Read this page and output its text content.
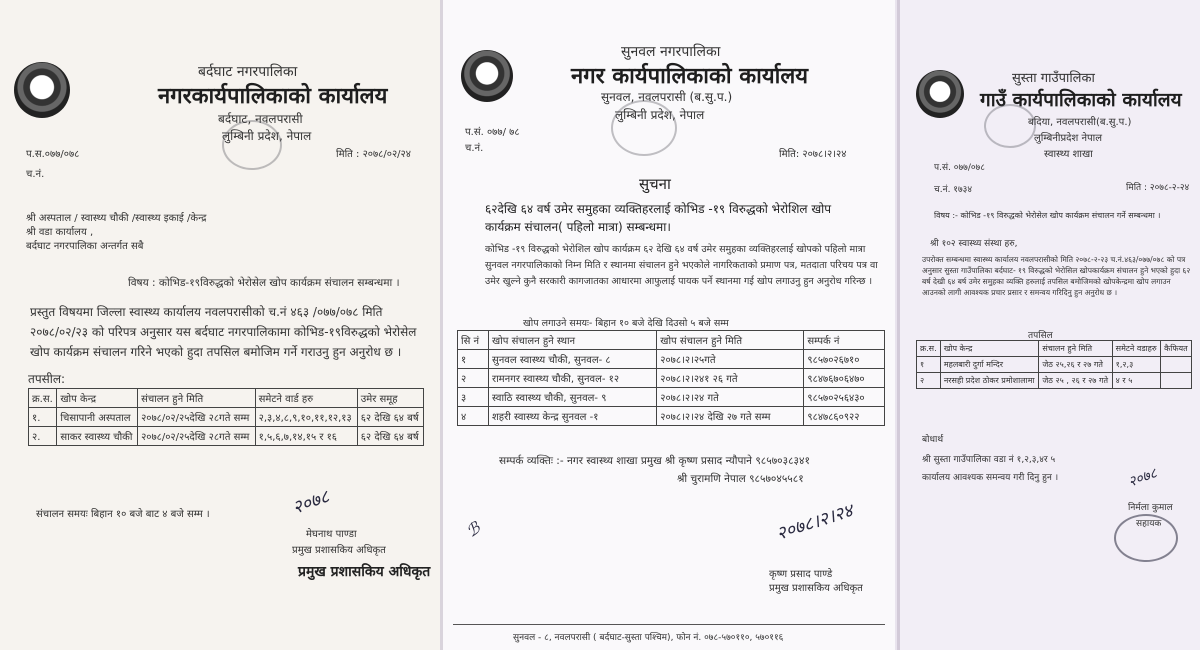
बर्दघाट नगरपालिका
नगरकार्यपालिकाको कार्यालय
बर्दघाट, नवलपरासी
लुम्बिनी प्रदेश, नेपाल
प.स.०७७/०७८
च.नं.
मिति : २०७८/०२/२४
श्री अस्पताल / स्वास्थ्य चौकी /स्वास्थ्य इकाई /केन्द्र
श्री वडा कार्यालय ,
बर्दघाट नगरपालिका अन्तर्गत सबै
विषय : कोभिड-१९विरुद्धको भेरोसेल खोप कार्यक्रम संचालन सम्बन्धमा ।
प्रस्तुत विषयमा जिल्ला स्वास्थ्य कार्यालय नवलपरासीको च.नं ४६३ /०७७/०७८ मिति २०७८/०२/२३ को परिपत्र अनुसार यस बर्दघाट नगरपालिकामा कोभिड-१९विरुद्धको भेरोसेल खोप कार्यक्रम संचालन गरिने भएको हुदा तपसिल बमोजिम गर्ने गराउनु हुन अनुरोध छ ।
तपसील:
क्र.स.	खोप केन्द्र	संचालन हुने मिति	समेटने वार्ड हरु	उमेर समूह
१.	चिसापानी अस्पताल	२०७८/०२/२५देखि २८गते सम्म	२,३,४,८,९,१०,११,१२,१३	६२ देखि ६४ बर्ष
२.	साकर स्वास्थ्य चौकी	२०७८/०२/२५देखि २८गते सम्म	१,५,६,७,१४,१५ र १६	६२ देखि ६४ बर्ष
संचालन समयः बिहान १० बजे बाट ४ बजे सम्म ।	२०७८
मेघनाथ पाण्डा
प्रमुख प्रशासकिय अधिकृत
प्रमुख प्रशासकिय अधिकृत
सुनवल नगरपालिका
नगर कार्यपालिकाको कार्यालय
सुनवल, नवलपरासी (ब.सु.प.)
लुम्बिनी प्रदेश, नेपाल
प.सं. ०७७/ ७८
च.नं.
मिति: २०७८।२।२४
सुचना
६२देखि ६४ वर्ष उमेर समुहका व्यक्तिहरलाई कोभिड -१९ विरुद्धको भेरोशिल खोप
कार्यक्रम संचालन( पहिलो मात्रा) सम्बन्धमा।
कोभिड -१९ विरुद्धको भेरोशिल खोप कार्यक्रम ६२ देखि ६४ वर्ष उमेर समुहका व्यक्तिहरलाई खोपको पहिलो मात्रा सुनवल नगरपालिकाको निम्न मिति र स्थानमा संचालन हुने भएकोले नागरिकताको प्रमाण पत्र, मतदाता परिचय पत्र वा उमेर खुल्ने कुनै सरकारी कागजातका आधारमा आफुलाई पायक पर्ने स्थानमा गई खोप लगाउनु हुन अनुरोध गरिन्छ ।
खोप लगाउने समयः- बिहान १० बजे देखि दिउसो ५ बजे सम्म
सि नं	खोप संचालन हुने स्थान	खोप संचालन हुने मिति	सम्पर्क नं
१	सुनवल स्वास्थ्य चौकी, सुनवल- ८	२०७८।२।२५गते	९८५७०२६७१०
२	रामनगर स्वास्थ्य चौकी, सुनवल- १२	२०७८।२।२४१ २६ गते	९८४७६७०६४७०
३	स्वाठि स्वास्थ्य चौकी, सुनवल- ९	२०७८।२।२४ गते	९८५७०२५६४३०
४	शहरी स्वास्थ्य केन्द्र सुनवल -१	२०७८।२।२४ देखि २७ गते सम्म	९८४७८६०९२२
सम्पर्क व्यक्तिः :- नगर स्वास्थ्य शाखा प्रमुख श्री कृष्ण प्रसाद न्यौपाने ९८५७०३८३४१
श्री चुरामणि नेपाल ९८५७०४५५८१
ℬ	२०७८।२।२४
कृष्ण प्रसाद पाण्डे
प्रमुख प्रशासकिय अधिकृत
सुनवल - ८, नवलपरासी ( बर्दघाट-सुस्ता पश्चिम), फोन नं. ०७८-५७०११०, ५७०११६
सुस्ता गाउँपालिका
गाउँ कार्यपालिकाको कार्यालय
बदिया, नवलपरासी(ब.सु.प.)
लुम्बिनीप्रदेश नेपाल
स्वास्थ्य शाखा
प.सं. ०७७/०७८
च.नं. १७३४	मिति : २०७८-२-२४
विषय :- कोभिड -१९ विरुद्धको भेरोसेल खोप कार्यक्रम संचालन गर्ने सम्बन्धमा ।
श्री १०२ स्वास्थ्य संस्था हरु,
उपरोक्त सम्बन्धमा स्वास्थ्य कार्यालय नवलपरासीको मिति २०७८-२-२३ च.नं.४६३/०७७/०७८ को पत्र अनुसार सुस्ता गाउँपालिका बर्दघाट- १९ विरुद्धको भेरोसिल खोपकार्यक्रम संचालन हुने भएको हुदा ६२ बर्ष देखी ६४ बर्ष उमेर समुहका व्यक्ति हरुलाई तपसिल बमोजिमको खोपकेन्द्रमा खोप लगाउन आउनको लागी आवश्यक प्रचार प्रसार र समन्वय गरिदिनु हुन अनुरोध छ ।
तपसिल
क्र.स.	खोप केन्द्र	संचालन हुने मिति	समेटने वडाहरु	कैफियत
१	महलबारी दुर्गा मन्दिर	जेठ २५,२६ र २७ गते	१,२,३	
२	नरसही प्रदेश ठोकर प्रमोशालामा	जेठ २५ , २६ र २७ गते	४ र ५	
बोधार्थ
श्री सुस्ता गाउँपालिका वडा नं १,२,३,४र ५
कार्यालय आवश्यक समन्वय गरी दिनु हुन ।	२०७८
निर्मला कुमाल
सहायक
